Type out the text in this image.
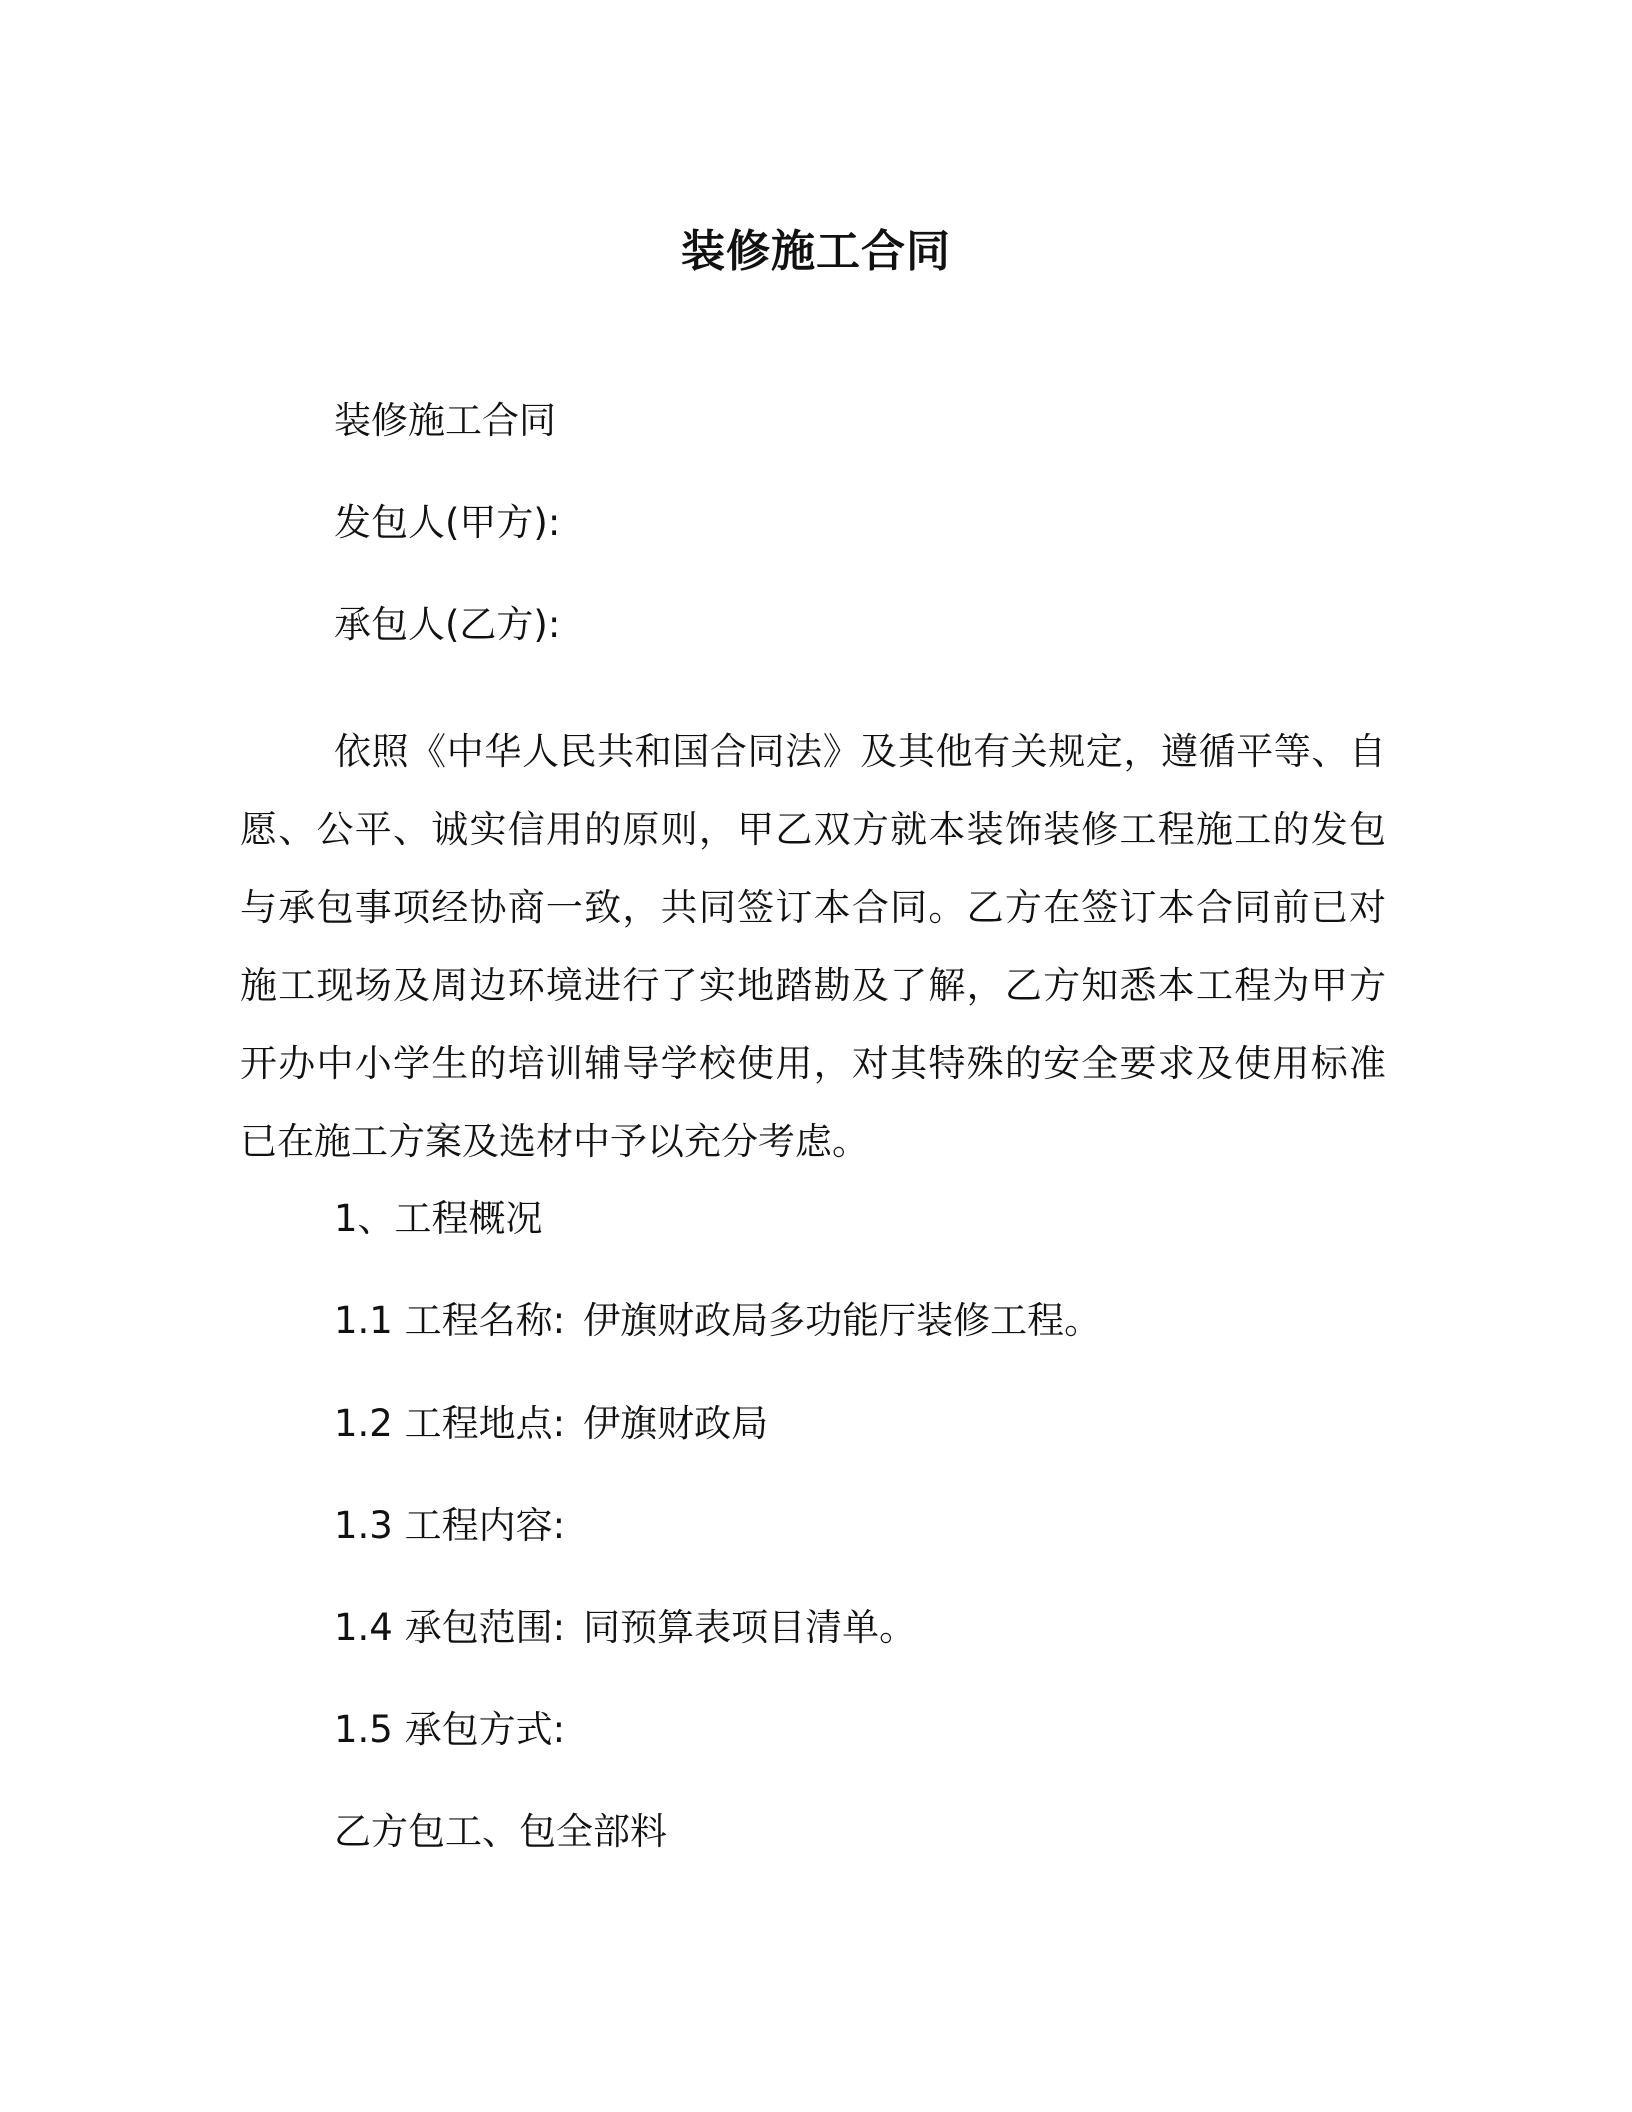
装修施工合同

装修施工合同

发包人(甲方):

承包人(乙方):

依照《中华人民共和国合同法》及其他有关规定，遵循平等、自愿、公平、诚实信用的原则，甲乙双方就本装饰装修工程施工的发包与承包事项经协商一致，共同签订本合同。乙方在签订本合同前已对施工现场及周边环境进行了实地踏勘及了解，乙方知悉本工程为甲方开办中小学生的培训辅导学校使用，对其特殊的安全要求及使用标准已在施工方案及选材中予以充分考虑。

1、工程概况

1.1 工程名称: 伊旗财政局多功能厅装修工程。

1.2 工程地点: 伊旗财政局

1.3 工程内容:

1.4 承包范围: 同预算表项目清单。

1.5 承包方式:

乙方包工、包全部料
